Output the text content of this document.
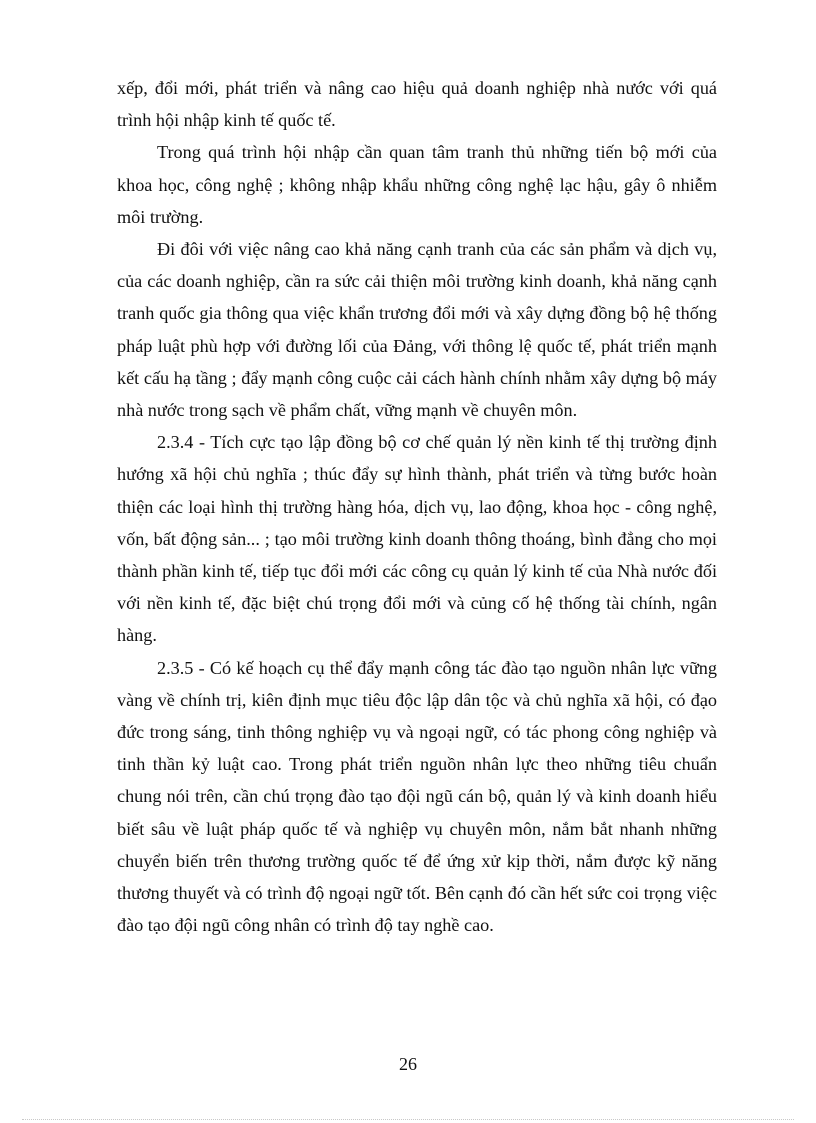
xếp, đổi mới, phát triển và nâng cao hiệu quả doanh nghiệp nhà nước với quá trình hội nhập kinh tế quốc tế.

Trong quá trình hội nhập cần quan tâm tranh thủ những tiến bộ mới của khoa học, công nghệ ; không nhập khẩu những công nghệ lạc hậu, gây ô nhiễm môi trường.

Đi đôi với việc nâng cao khả năng cạnh tranh của các sản phẩm và dịch vụ, của các doanh nghiệp, cần ra sức cải thiện môi trường kinh doanh, khả năng cạnh tranh quốc gia thông qua việc khẩn trương đổi mới và xây dựng đồng bộ hệ thống pháp luật phù hợp với đường lối của Đảng, với thông lệ quốc tế, phát triển mạnh kết cấu hạ tầng ; đẩy mạnh công cuộc cải cách hành chính nhằm xây dựng bộ máy nhà nước trong sạch về phẩm chất, vững mạnh về chuyên môn.

2.3.4 - Tích cực tạo lập đồng bộ cơ chế quản lý nền kinh tế thị trường định hướng xã hội chủ nghĩa ; thúc đẩy sự hình thành, phát triển và từng bước hoàn thiện các loại hình thị trường hàng hóa, dịch vụ, lao động, khoa học - công nghệ, vốn, bất động sản... ; tạo môi trường kinh doanh thông thoáng, bình đẳng cho mọi thành phần kinh tế, tiếp tục đổi mới các công cụ quản lý kinh tế của Nhà nước đối với nền kinh tế, đặc biệt chú trọng đổi mới và củng cố hệ thống tài chính, ngân hàng.

2.3.5 - Có kế hoạch cụ thể đẩy mạnh công tác đào tạo nguồn nhân lực vững vàng về chính trị, kiên định mục tiêu độc lập dân tộc và chủ nghĩa xã hội, có đạo đức trong sáng, tinh thông nghiệp vụ và ngoại ngữ, có tác phong công nghiệp và tinh thần kỷ luật cao. Trong phát triển nguồn nhân lực theo những tiêu chuẩn chung nói trên, cần chú trọng đào tạo đội ngũ cán bộ, quản lý và kinh doanh hiểu biết sâu về luật pháp quốc tế và nghiệp vụ chuyên môn, nắm bắt nhanh những chuyển biến trên thương trường quốc tế để ứng xử kịp thời, nắm được kỹ năng thương thuyết và có trình độ ngoại ngữ tốt. Bên cạnh đó cần hết sức coi trọng việc đào tạo đội ngũ công nhân có trình độ tay nghề cao.

26
